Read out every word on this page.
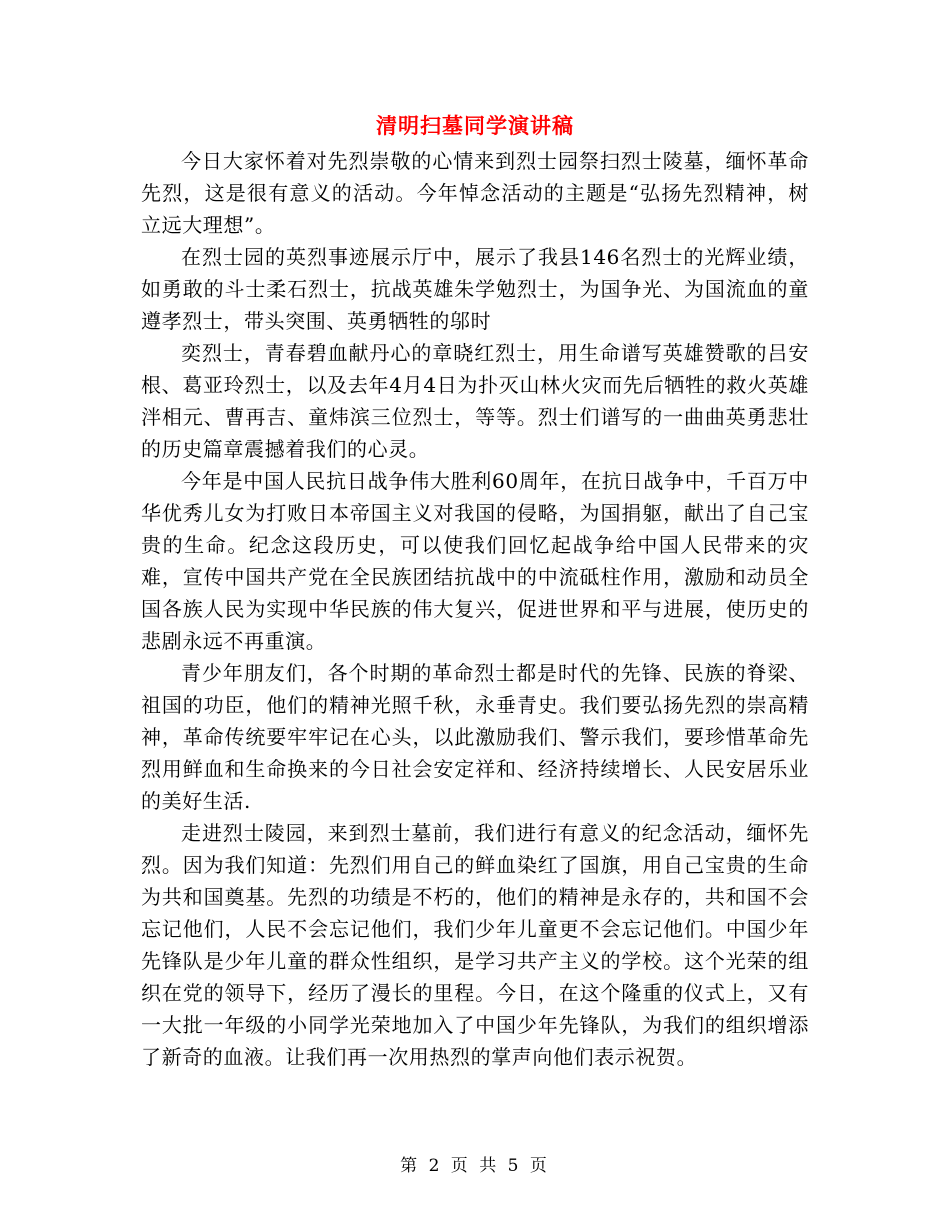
清明扫墓同学演讲稿

今日大家怀着对先烈崇敬的心情来到烈士园祭扫烈士陵墓，缅怀革命先烈，这是很有意义的活动。今年悼念活动的主题是“弘扬先烈精神，树立远大理想”。

在烈士园的英烈事迹展示厅中，展示了我县146名烈士的光辉业绩，如勇敢的斗士柔石烈士，抗战英雄朱学勉烈士，为国争光、为国流血的童遵孝烈士，带头突围、英勇牺牲的邬时

奕烈士，青春碧血献丹心的章晓红烈士，用生命谱写英雄赞歌的吕安根、葛亚玲烈士，以及去年4月4日为扑灭山林火灾而先后牺牲的救火英雄泮相元、曹再吉、童炜滨三位烈士，等等。烈士们谱写的一曲曲英勇悲壮的历史篇章震撼着我们的心灵。

今年是中国人民抗日战争伟大胜利60周年，在抗日战争中，千百万中华优秀儿女为打败日本帝国主义对我国的侵略，为国捐躯，献出了自己宝贵的生命。纪念这段历史，可以使我们回忆起战争给中国人民带来的灾难，宣传中国共产党在全民族团结抗战中的中流砥柱作用，激励和动员全国各族人民为实现中华民族的伟大复兴，促进世界和平与进展，使历史的悲剧永远不再重演。

青少年朋友们，各个时期的革命烈士都是时代的先锋、民族的脊梁、祖国的功臣，他们的精神光照千秋，永垂青史。我们要弘扬先烈的崇高精神，革命传统要牢牢记在心头，以此激励我们、警示我们，要珍惜革命先烈用鲜血和生命换来的今日社会安定祥和、经济持续增长、人民安居乐业的美好生活.

走进烈士陵园，来到烈士墓前，我们进行有意义的纪念活动，缅怀先烈。因为我们知道：先烈们用自己的鲜血染红了国旗，用自己宝贵的生命为共和国奠基。先烈的功绩是不朽的，他们的精神是永存的，共和国不会忘记他们，人民不会忘记他们，我们少年儿童更不会忘记他们。中国少年先锋队是少年儿童的群众性组织，是学习共产主义的学校。这个光荣的组织在党的领导下，经历了漫长的里程。今日，在这个隆重的仪式上，又有一大批一年级的小同学光荣地加入了中国少年先锋队，为我们的组织增添了新奇的血液。让我们再一次用热烈的掌声向他们表示祝贺。

第 2 页 共 5 页
